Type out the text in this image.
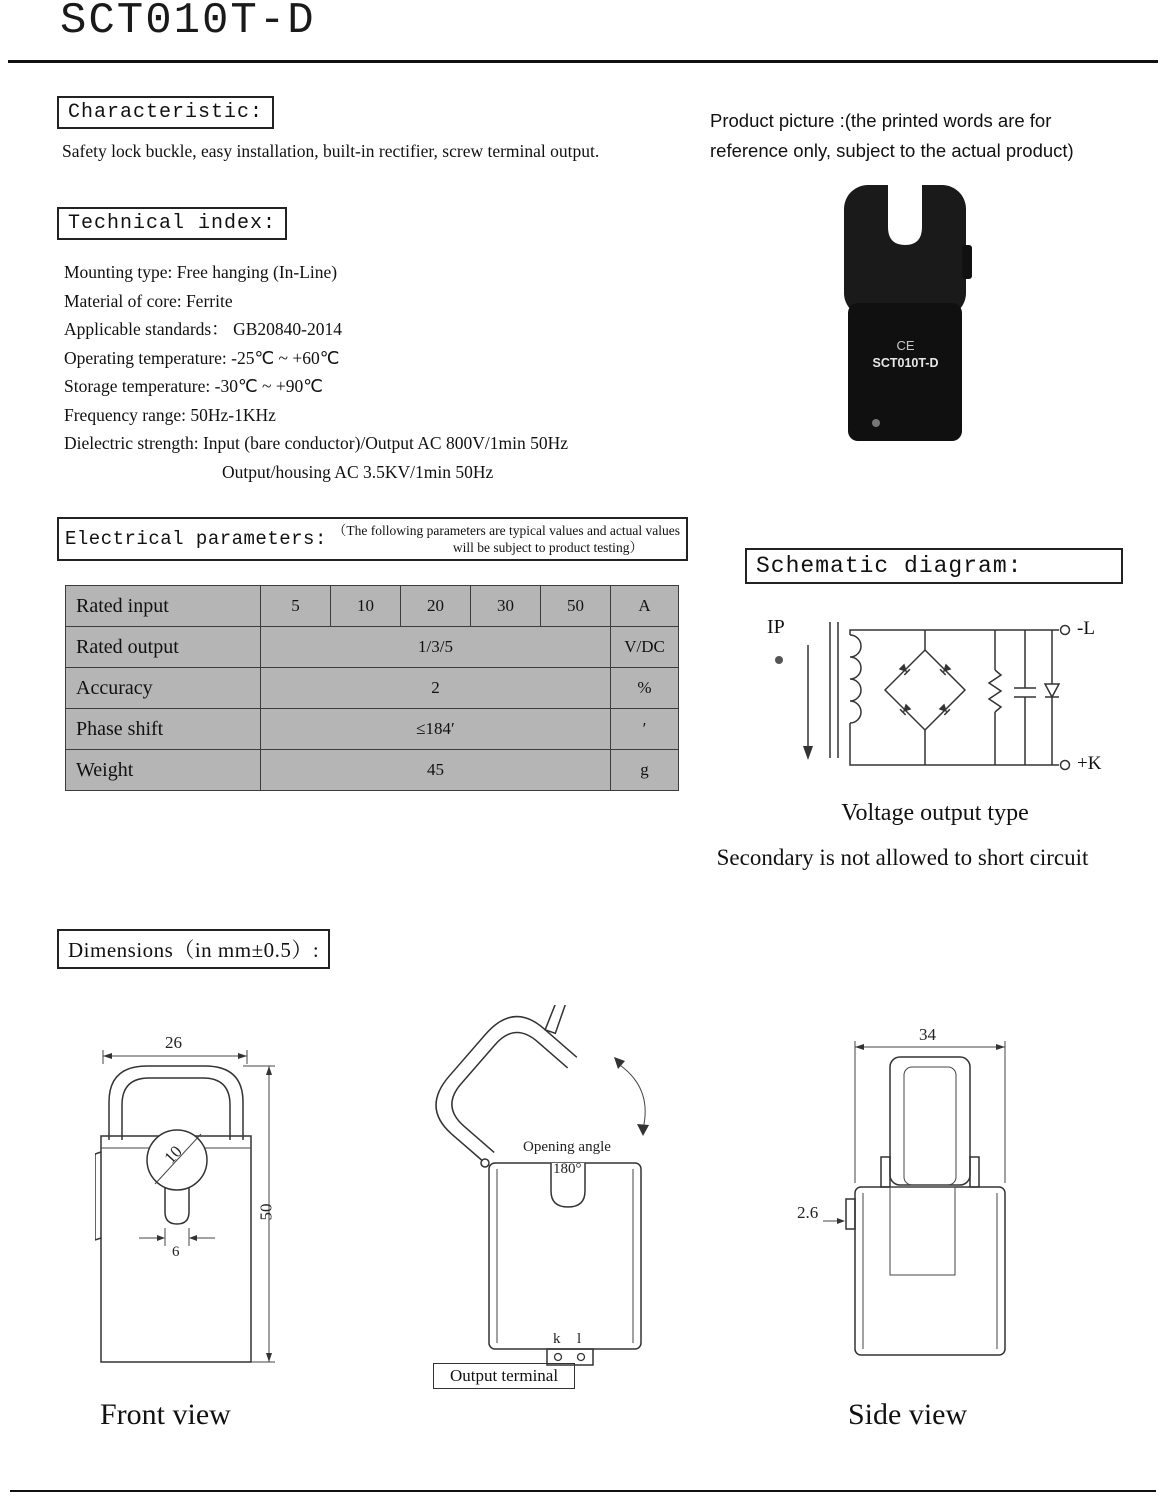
SCT010T-D
Characteristic:
Safety lock buckle, easy installation, built-in rectifier, screw terminal output.
Product picture :(the printed words are for
reference only, subject to the actual product)
CE
SCT010T-D
Technical index:
Mounting type: Free hanging (In-Line)
Material of core: Ferrite
Applicable standards： GB20840-2014
Operating temperature: -25℃ ~ +60℃
Storage temperature: -30℃ ~ +90℃
Frequency range: 50Hz-1KHz
Dielectric strength: Input (bare conductor)/Output AC 800V/1min 50Hz
Output/housing AC 3.5KV/1min 50Hz
Electrical parameters: （The following parameters are typical values and actual values
will be subject to product testing）
Rated input	5	10	20	30	50	A
Rated output	1/3/5					V/DC
Accuracy	2					%
Phase shift	≤184′					′
Weight	45					g
Schematic diagram:
IP	-L
+K
Voltage output type
Secondary is not allowed to short circuit
Dimensions（in mm±0.5）:
26
10
6
50
Opening angle
180°
k l
Output terminal
34
2.6
Front view	Side view
